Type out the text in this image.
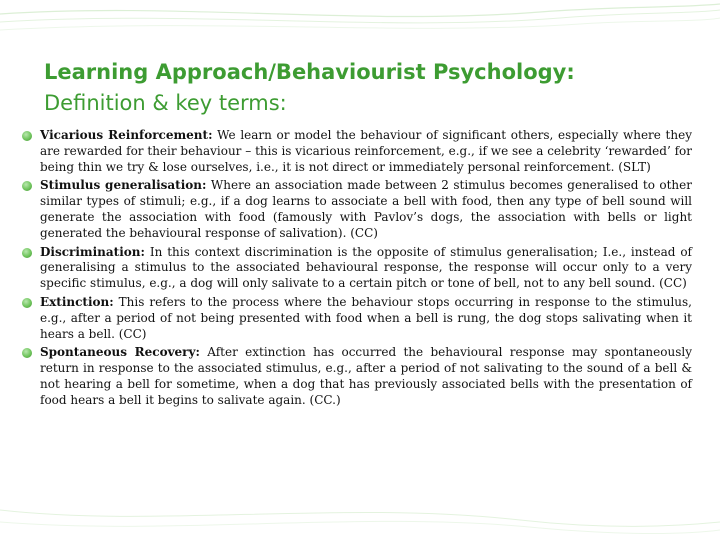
Learning Approach/Behaviourist Psychology:
Definition & key terms:
Vicarious Reinforcement: We learn or model the behaviour of significant others, especially where they are rewarded for their behaviour – this is vicarious reinforcement, e.g., if we see a celebrity ‘rewarded’ for being thin we try & lose ourselves, i.e., it is not direct or immediately personal reinforcement. (SLT)
Stimulus generalisation: Where an association made between 2 stimulus becomes generalised to other similar types of stimuli; e.g., if a dog learns to associate a bell with food, then any type of bell sound will generate the association with food (famously with Pavlov’s dogs, the association with bells or light generated the behavioural response of salivation). (CC)
Discrimination: In this context discrimination is the opposite of stimulus generalisation; I.e., instead of generalising a stimulus to the associated behavioural response, the response will occur only to a very specific stimulus, e.g., a dog will only salivate to a certain pitch or tone of bell, not to any bell sound. (CC)
Extinction: This refers to the process where the behaviour stops occurring in response to the stimulus, e.g., after a period of not being presented with food when a bell is rung, the dog stops salivating when it hears a bell. (CC)
Spontaneous Recovery: After extinction has occurred the behavioural response may spontaneously return in response to the associated stimulus, e.g., after a period of not salivating to the sound of a bell & not hearing a bell for sometime, when a dog that has previously associated bells with the presentation of food hears a bell it begins to salivate again. (CC.)
